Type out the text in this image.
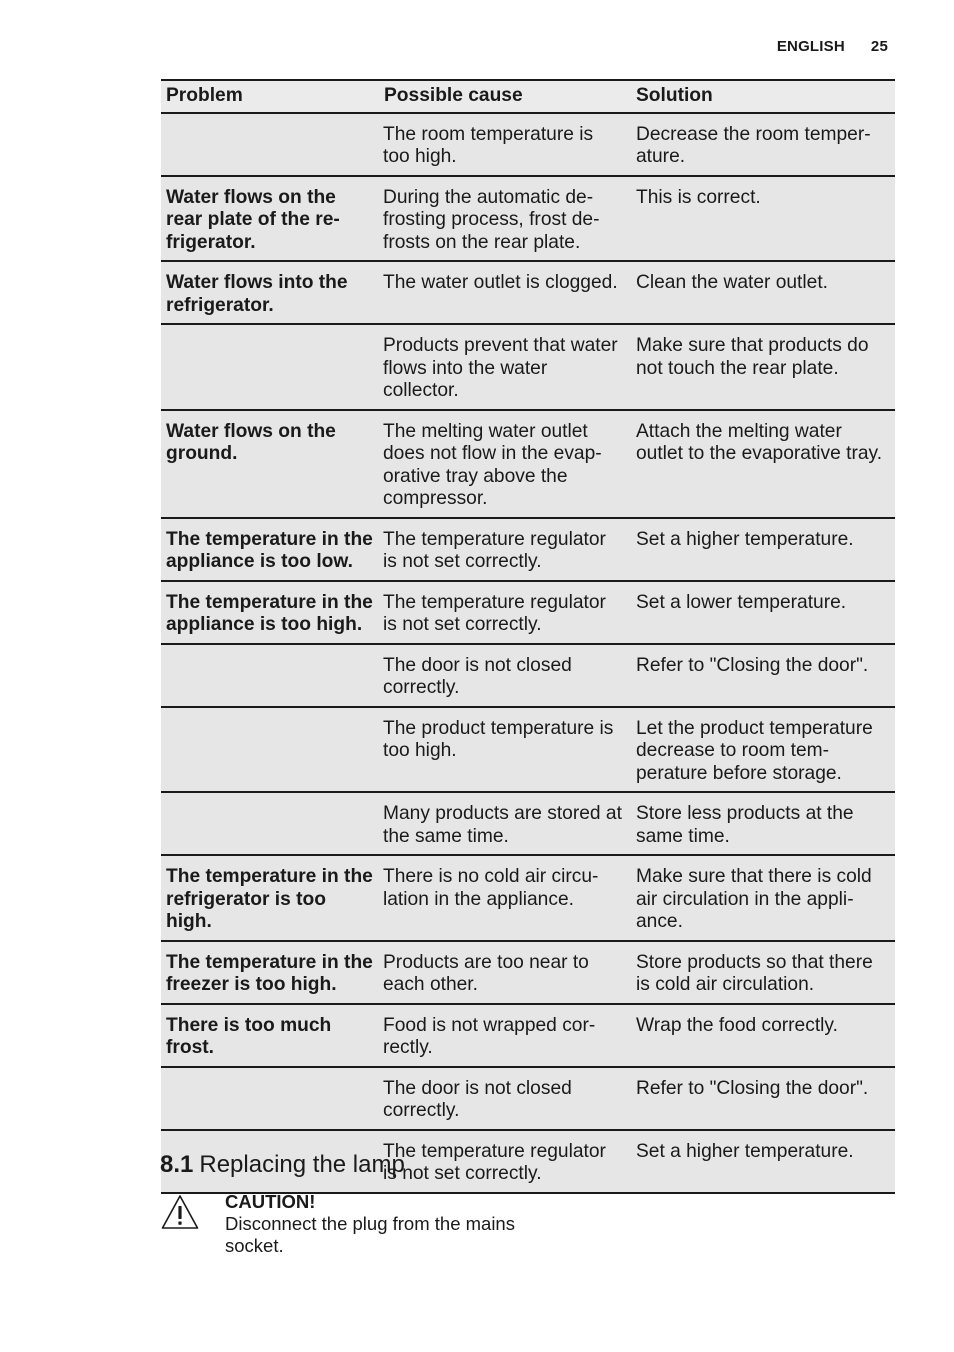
ENGLISH 25
Problem	Possible cause	Solution
	The room temperature is too high.	Decrease the room temperature.
Water flows on the rear plate of the refrigerator.	During the automatic defrosting process, frost defrosts on the rear plate.	This is correct.
Water flows into the refrigerator.	The water outlet is clogged.	Clean the water outlet.
	Products prevent that water flows into the water collector.	Make sure that products do not touch the rear plate.
Water flows on the ground.	The melting water outlet does not flow in the evaporative tray above the compressor.	Attach the melting water outlet to the evaporative tray.
The temperature in the appliance is too low.	The temperature regulator is not set correctly.	Set a higher temperature.
The temperature in the appliance is too high.	The temperature regulator is not set correctly.	Set a lower temperature.
	The door is not closed correctly.	Refer to "Closing the door".
	The product temperature is too high.	Let the product temperature decrease to room temperature before storage.
	Many products are stored at the same time.	Store less products at the same time.
The temperature in the refrigerator is too high.	There is no cold air circulation in the appliance.	Make sure that there is cold air circulation in the appliance.
The temperature in the freezer is too high.	Products are too near to each other.	Store products so that there is cold air circulation.
There is too much frost.	Food is not wrapped correctly.	Wrap the food correctly.
	The door is not closed correctly.	Refer to "Closing the door".
	The temperature regulator is not set correctly.	Set a higher temperature.
8.1 Replacing the lamp
CAUTION!
Disconnect the plug from the mains socket.
